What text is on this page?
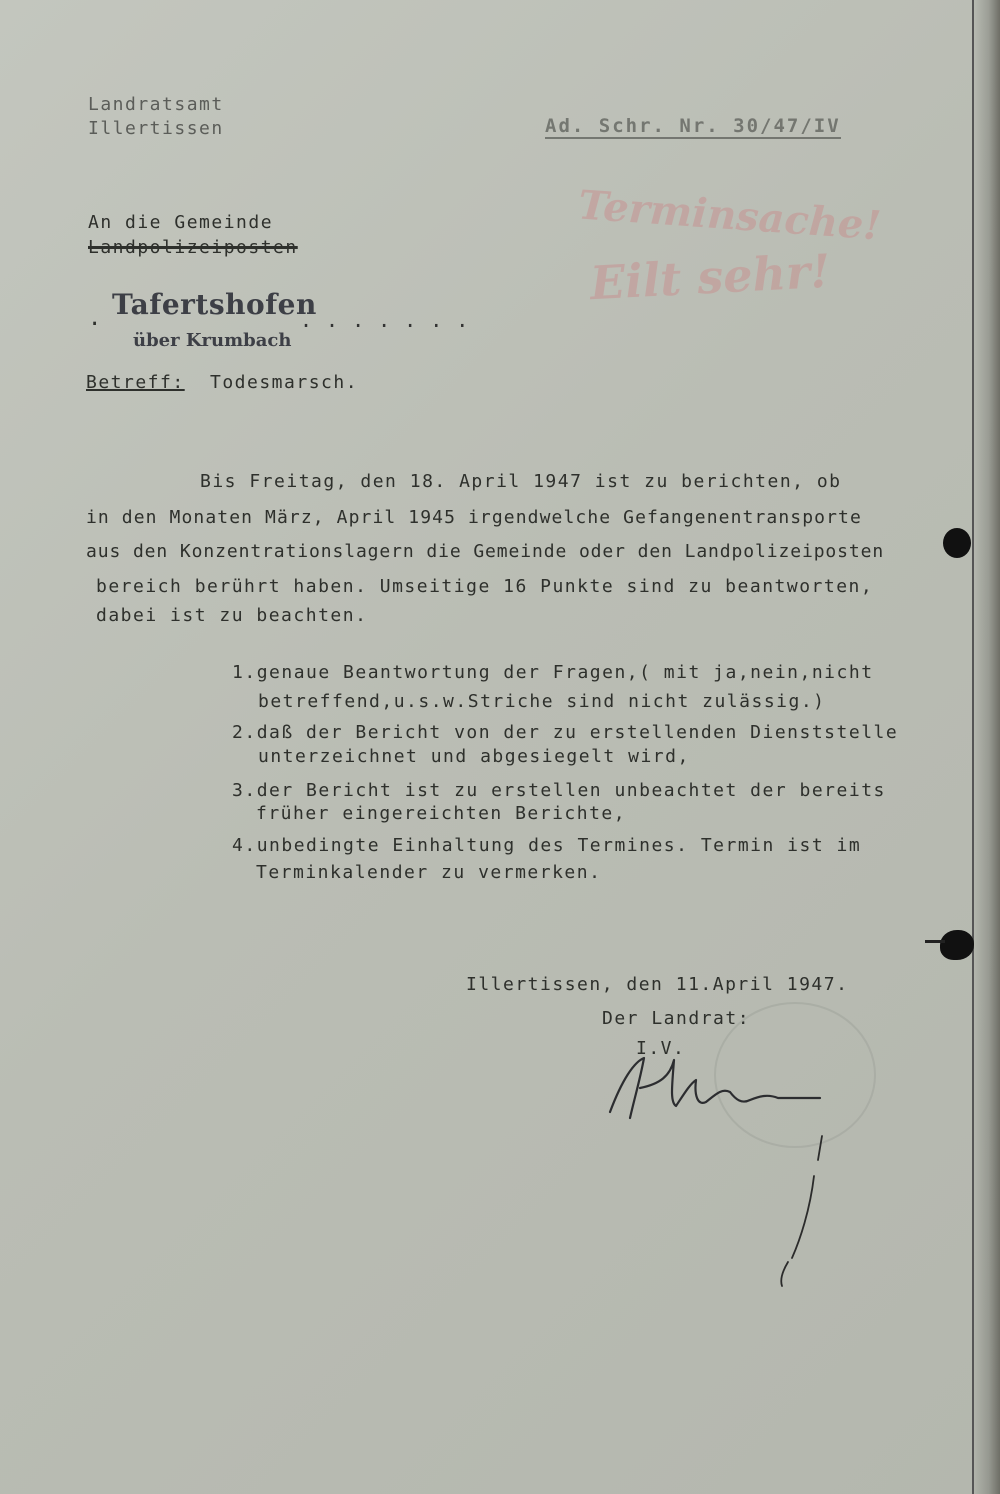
Landratsamt
Illertissen	Ad. Schr. Nr. 30/47/IV
Terminsache!
Eilt sehr!
An die Gemeinde
Landpolizeiposten
. Tafertshofen
über Krumbach
.......
Betreff: Todesmarsch.
Bis Freitag, den 18. April 1947 ist zu berichten, ob
in den Monaten März, April 1945 irgendwelche Gefangenentransporte
aus den Konzentrationslagern die Gemeinde oder den Landpolizeiposten
bereich berührt haben. Umseitige 16 Punkte sind zu beantworten,
dabei ist zu beachten.
1.genaue Beantwortung der Fragen,( mit ja,nein,nicht
betreffend,u.s.w.Striche sind nicht zulässig.)
2.daß der Bericht von der zu erstellenden Dienststelle
unterzeichnet und abgesiegelt wird,
3.der Bericht ist zu erstellen unbeachtet der bereits
früher eingereichten Berichte,
4.unbedingte Einhaltung des Termines. Termin ist im
Terminkalender zu vermerken.
Illertissen, den 11.April 1947.
Der Landrat:
I.V.
